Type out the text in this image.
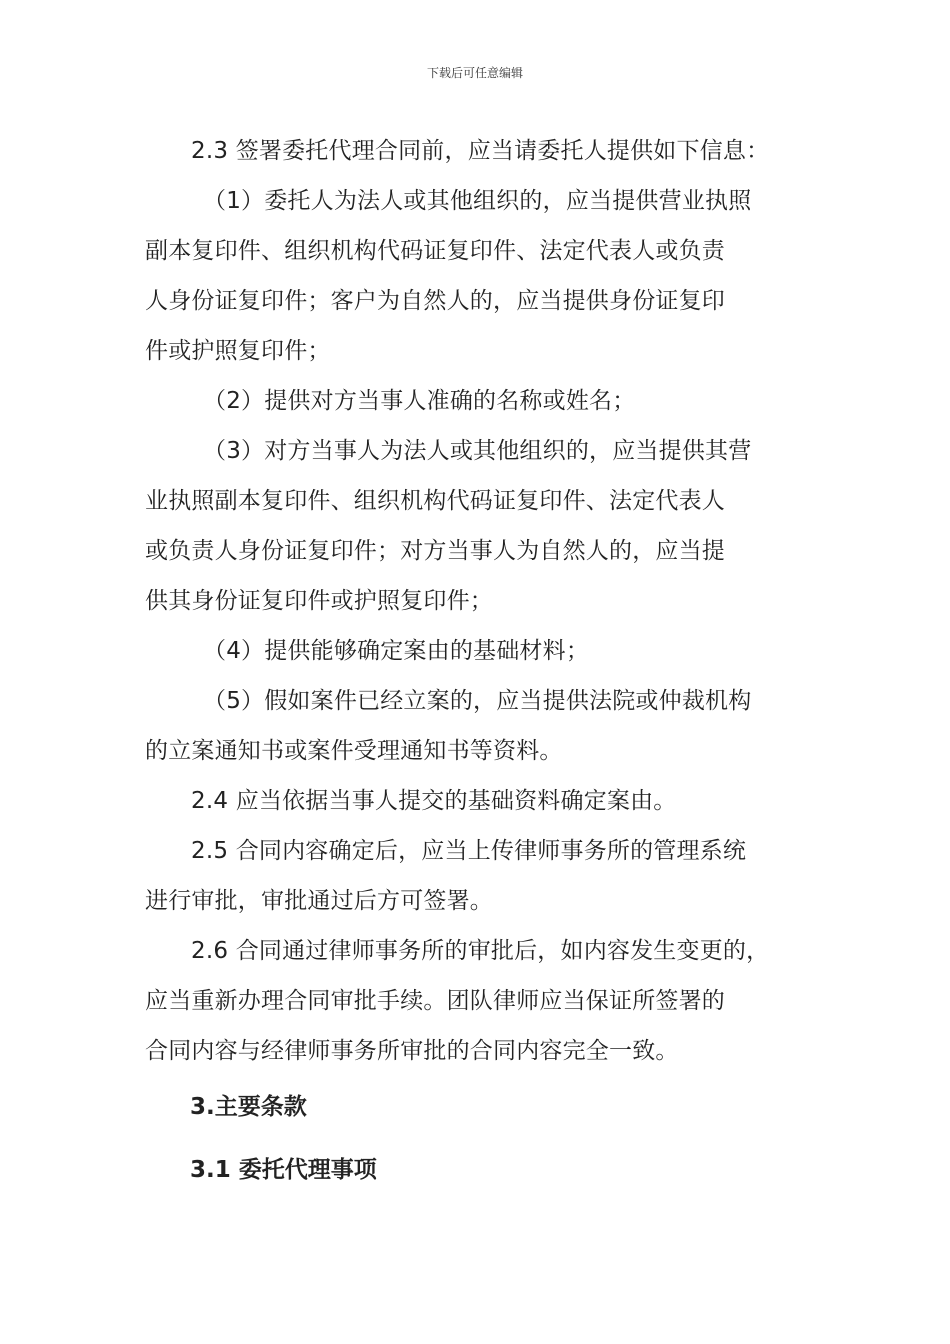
下载后可任意编辑

2.3 签署委托代理合同前，应当请委托人提供如下信息：

（1）委托人为法人或其他组织的，应当提供营业执照

副本复印件、组织机构代码证复印件、法定代表人或负责

人身份证复印件；客户为自然人的，应当提供身份证复印

件或护照复印件；

（2）提供对方当事人准确的名称或姓名；

（3）对方当事人为法人或其他组织的，应当提供其营

业执照副本复印件、组织机构代码证复印件、法定代表人

或负责人身份证复印件；对方当事人为自然人的，应当提

供其身份证复印件或护照复印件；

（4）提供能够确定案由的基础材料；

（5）假如案件已经立案的，应当提供法院或仲裁机构

的立案通知书或案件受理通知书等资料。

2.4 应当依据当事人提交的基础资料确定案由。

2.5 合同内容确定后，应当上传律师事务所的管理系统

进行审批，审批通过后方可签署。

2.6 合同通过律师事务所的审批后，如内容发生变更的，

应当重新办理合同审批手续。团队律师应当保证所签署的

合同内容与经律师事务所审批的合同内容完全一致。

3.主要条款
3.1 委托代理事项
